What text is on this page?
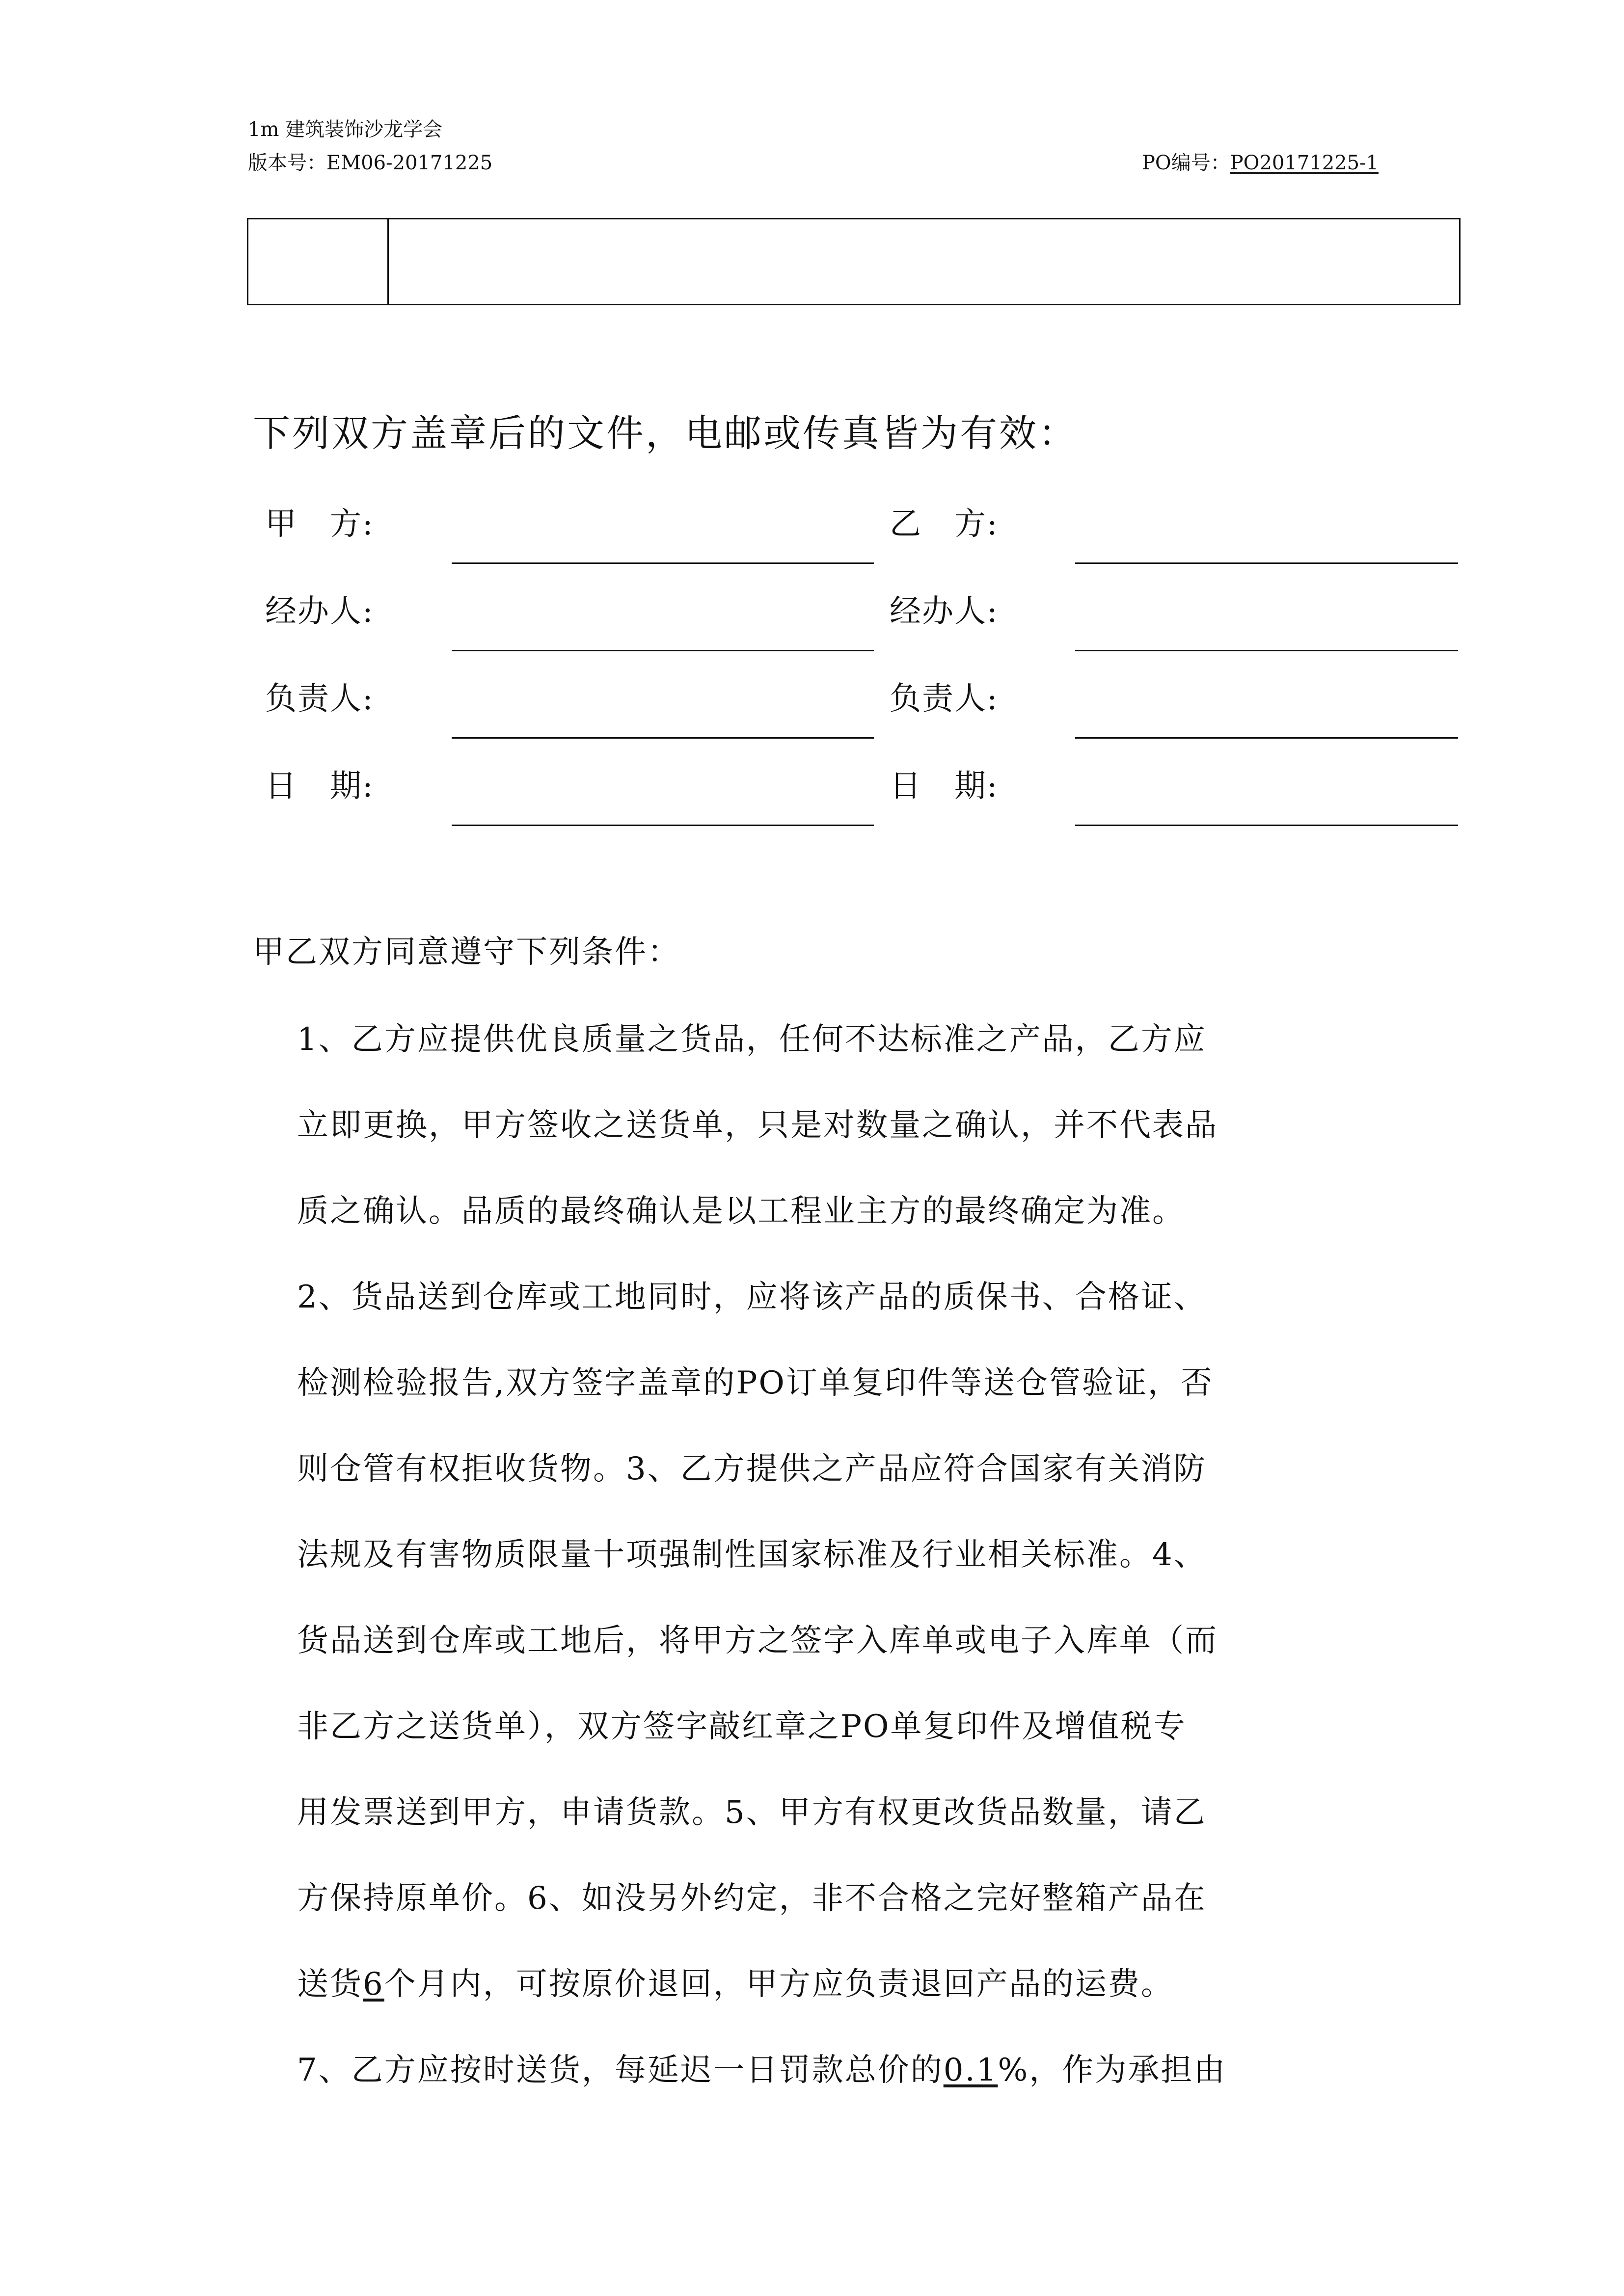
1m 建筑装饰沙龙学会
版本号：EM06-20171225	PO编号：PO20171225-1
下列双方盖章后的文件，电邮或传真皆为有效：
甲　方:	乙　方:
经办人:	经办人:
负责人:	负责人:
日　期:	日　期:
甲乙双方同意遵守下列条件：
1、乙方应提供优良质量之货品，任何不达标准之产品，乙方应
立即更换，甲方签收之送货单，只是对数量之确认，并不代表品
质之确认。品质的最终确认是以工程业主方的最终确定为准。
2、货品送到仓库或工地同时，应将该产品的质保书、合格证、
检测检验报告,双方签字盖章的PO订单复印件等送仓管验证，否
则仓管有权拒收货物。3、乙方提供之产品应符合国家有关消防
法规及有害物质限量十项强制性国家标准及行业相关标准。4、
货品送到仓库或工地后，将甲方之签字入库单或电子入库单（而
非乙方之送货单），双方签字敲红章之PO单复印件及增值税专
用发票送到甲方，申请货款。5、甲方有权更改货品数量，请乙
方保持原单价。6、如没另外约定，非不合格之完好整箱产品在
送货6个月内，可按原价退回，甲方应负责退回产品的运费。
7、乙方应按时送货，每延迟一日罚款总价的0.1%，作为承担由
